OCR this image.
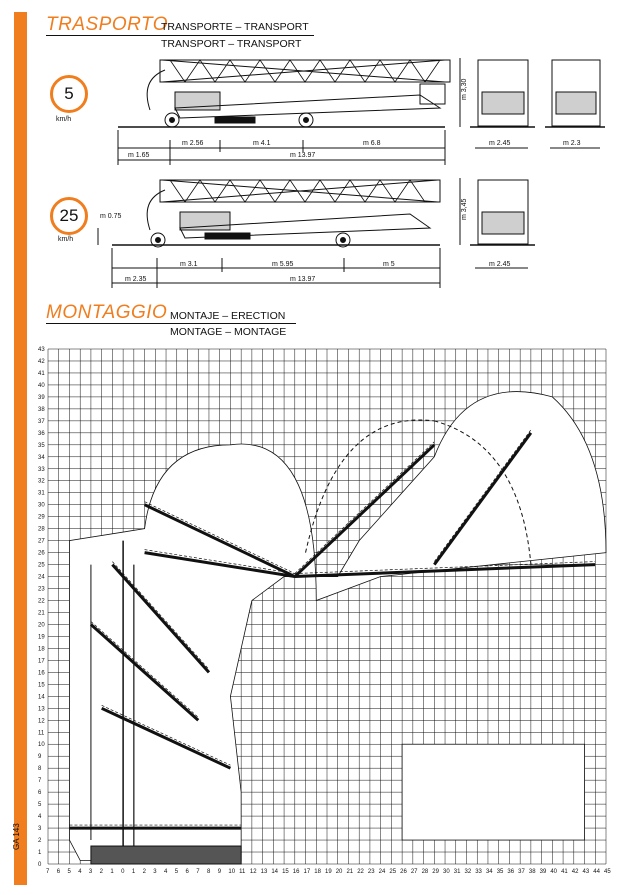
GA 143
TRASPORTO
TRANSPORTE – TRANSPORT
TRANSPORT – TRANSPORT
5
km/h
25
km/h
m 3,30
m 2.56	m 4.1	m 6.8
m 1.65	m 13.97
m 2.45	m 2.3
m 0.75	m 3,45
m 3.1	m 5.95	m 5
m 2.35	m 13.97
m 2.45
MONTAGGIO MONTAJE – ERECTION
MONTAGE – MONTAGE
7 6 5 4 3 2 1 0 1 2 3 4 5 6 7 8 9 10 11 12 13 14 15 16 17 18 19 20 21 22 23 24 25 26 27 28 29 30 31 32 33 34 35 36 37 38 39 40 41 42 43 44 45
0
1
2
3
4
5
6
7
8
9
10
11
12
13
14
15
16
17
18
19
20
21
22
23
24
25
26
27
28
29
30
31
32
33
34
35
36
37
38
39
40
41
42
43
